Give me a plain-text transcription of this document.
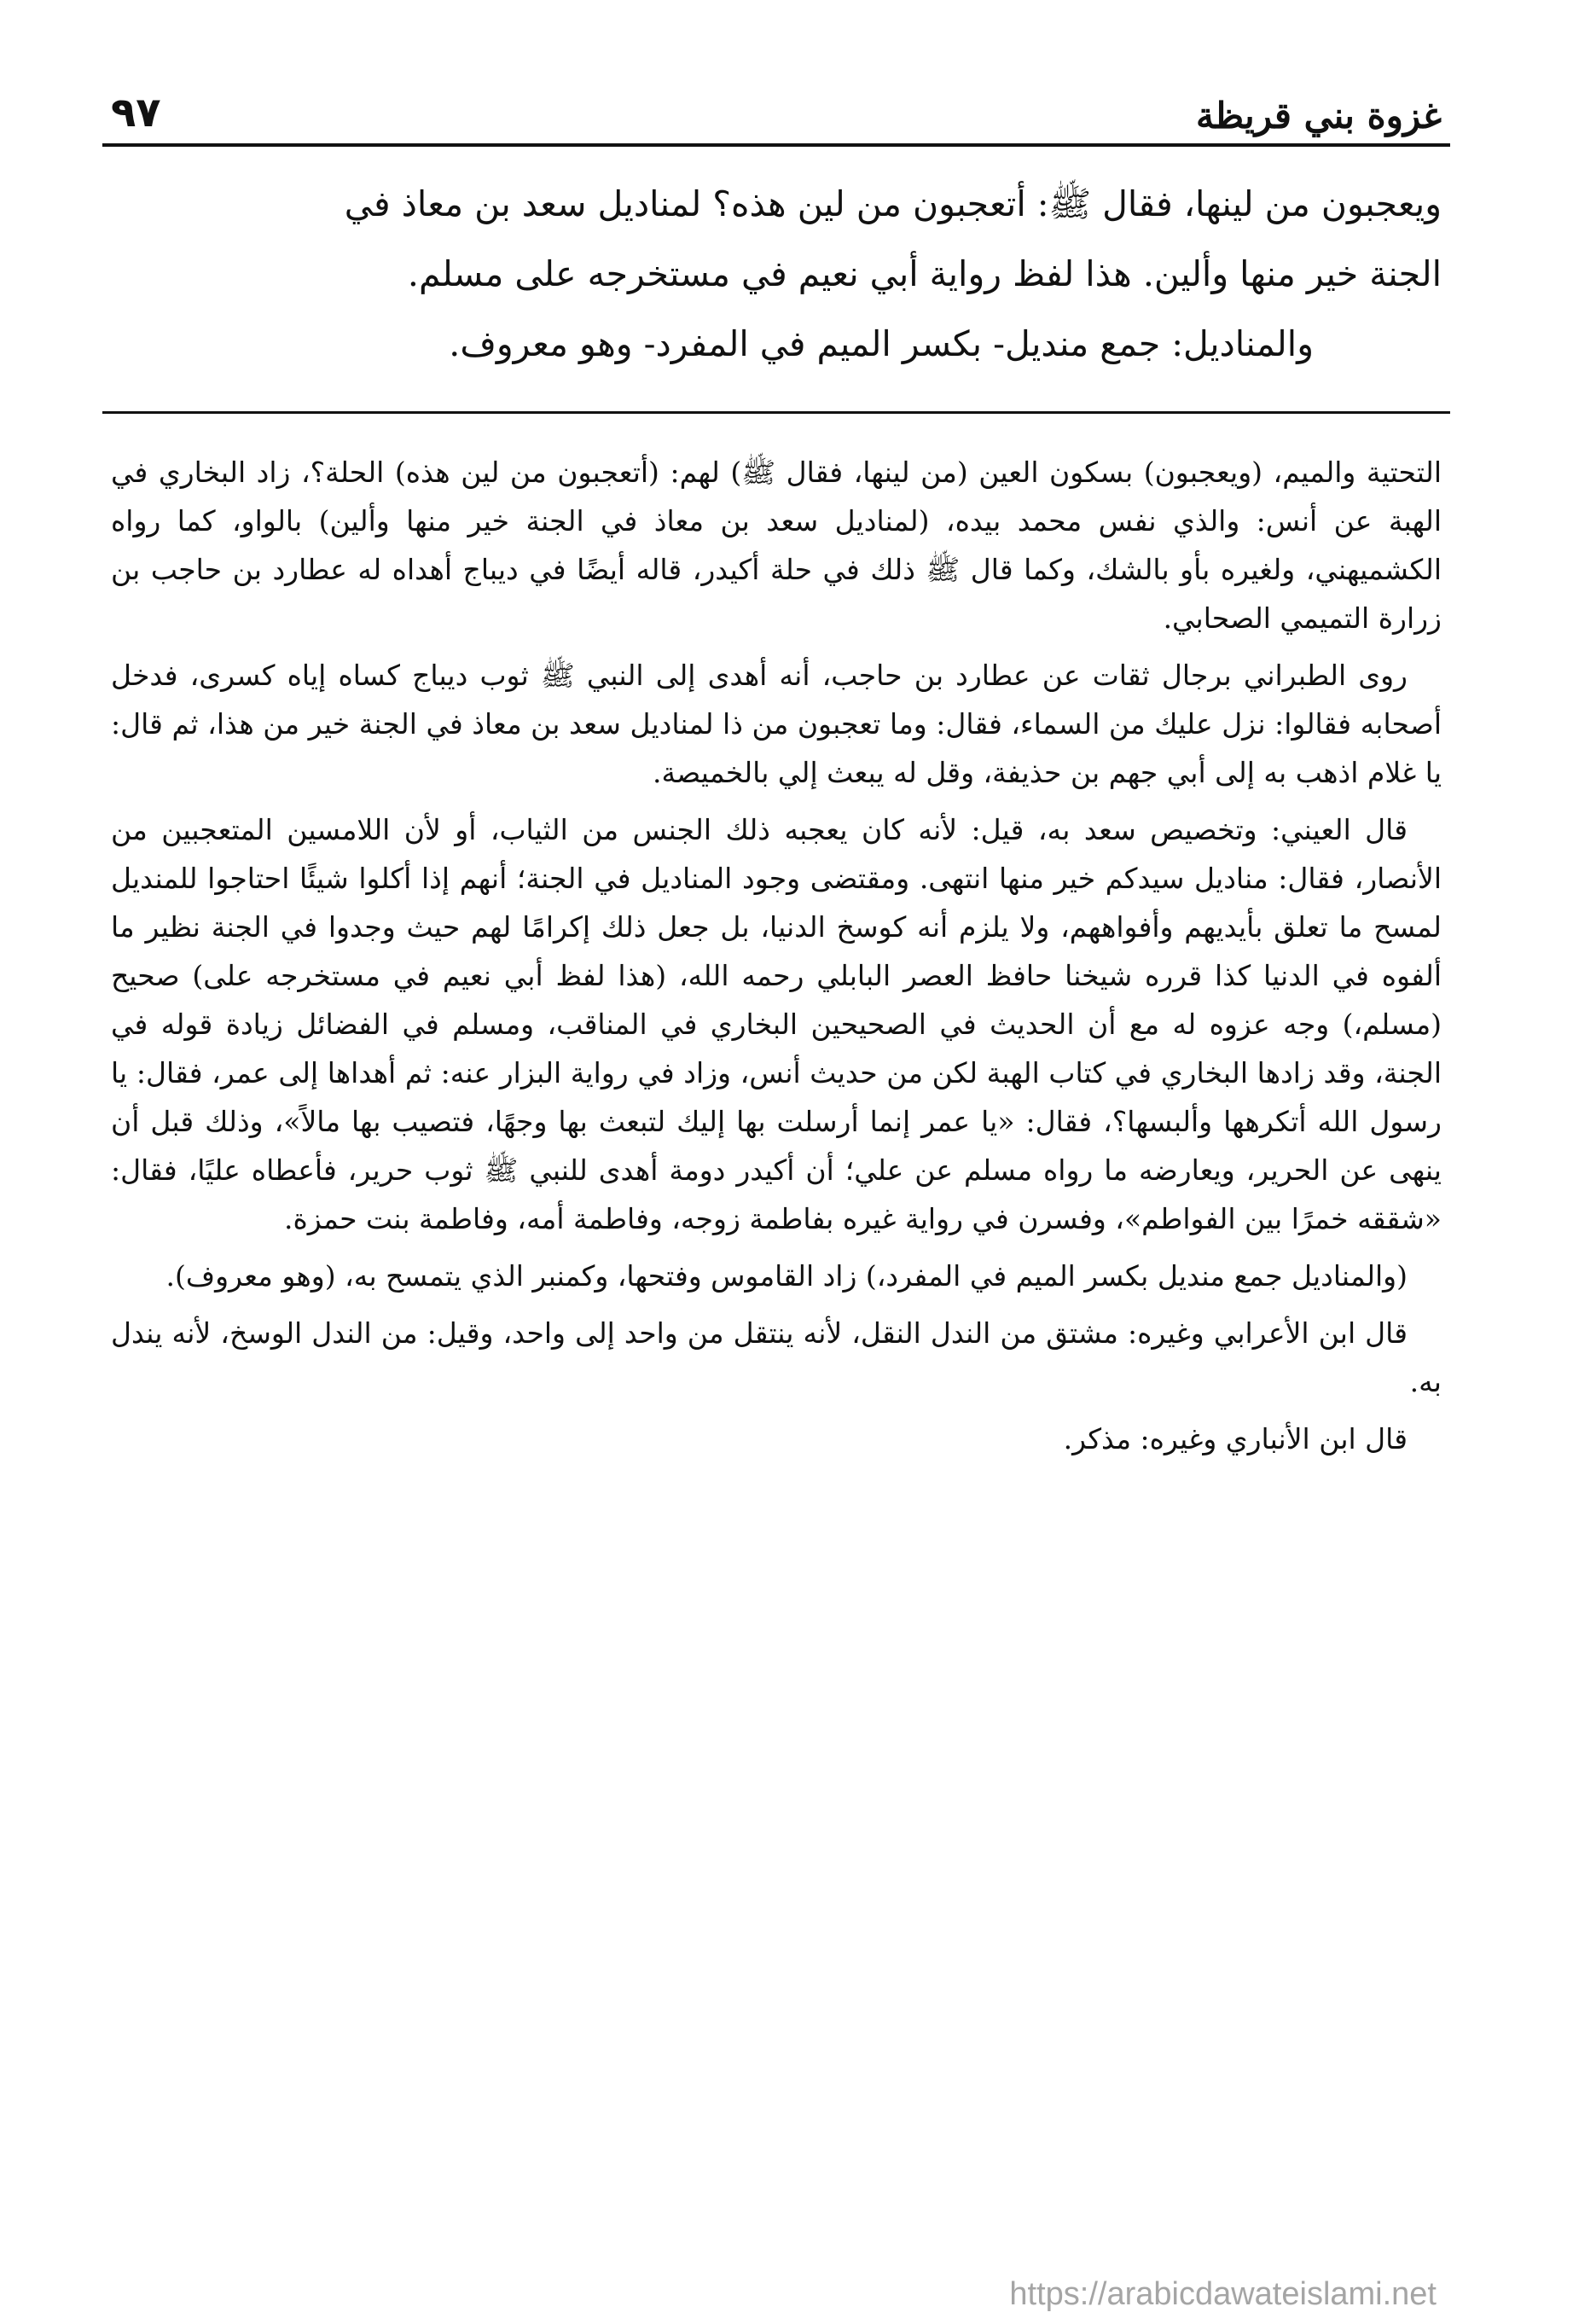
غزوة بني قريظة
٩٧

ويعجبون من لينها، فقال ﷺ: أتعجبون من لين هذه؟ لمناديل سعد بن معاذ في

الجنة خير منها وألين. هذا لفظ رواية أبي نعيم في مستخرجه على مسلم.

والمناديل: جمع منديل- بكسر الميم في المفرد- وهو معروف.

التحتية والميم، (ويعجبون) بسكون العين (من لينها، فقال ﷺ) لهم: (أتعجبون من لين هذه) الحلة؟، زاد البخاري في الهبة عن أنس: والذي نفس محمد بيده، (لمناديل سعد بن معاذ في الجنة خير منها وألين) بالواو، كما رواه الكشميهني، ولغيره بأو بالشك، وكما قال ﷺ ذلك في حلة أكيدر، قاله أيضًا في ديباج أهداه له عطارد بن حاجب بن زرارة التميمي الصحابي.

روى الطبراني برجال ثقات عن عطارد بن حاجب، أنه أهدى إلى النبي ﷺ ثوب ديباج كساه إياه كسرى، فدخل أصحابه فقالوا: نزل عليك من السماء، فقال: وما تعجبون من ذا لمناديل سعد بن معاذ في الجنة خير من هذا، ثم قال: يا غلام اذهب به إلى أبي جهم بن حذيفة، وقل له يبعث إلي بالخميصة.

قال العيني: وتخصيص سعد به، قيل: لأنه كان يعجبه ذلك الجنس من الثياب، أو لأن اللامسين المتعجبين من الأنصار، فقال: مناديل سيدكم خير منها انتهى. ومقتضى وجود المناديل في الجنة؛ أنهم إذا أكلوا شيئًا احتاجوا للمنديل لمسح ما تعلق بأيديهم وأفواههم، ولا يلزم أنه كوسخ الدنيا، بل جعل ذلك إكرامًا لهم حيث وجدوا في الجنة نظير ما ألفوه في الدنيا كذا قرره شيخنا حافظ العصر البابلي رحمه الله، (هذا لفظ أبي نعيم في مستخرجه على) صحيح (مسلم،) وجه عزوه له مع أن الحديث في الصحيحين البخاري في المناقب، ومسلم في الفضائل زيادة قوله في الجنة، وقد زادها البخاري في كتاب الهبة لكن من حديث أنس، وزاد في رواية البزار عنه: ثم أهداها إلى عمر، فقال: يا رسول الله أتكرهها وألبسها؟، فقال: «يا عمر إنما أرسلت بها إليك لتبعث بها وجهًا، فتصيب بها مالاً»، وذلك قبل أن ينهى عن الحرير، ويعارضه ما رواه مسلم عن علي؛ أن أكيدر دومة أهدى للنبي ﷺ ثوب حرير، فأعطاه عليًا، فقال: «شققه خمرًا بين الفواطم»، وفسرن في رواية غيره بفاطمة زوجه، وفاطمة أمه، وفاطمة بنت حمزة.

(والمناديل جمع منديل بكسر الميم في المفرد،) زاد القاموس وفتحها، وكمنبر الذي يتمسح به، (وهو معروف).

قال ابن الأعرابي وغيره: مشتق من الندل النقل، لأنه ينتقل من واحد إلى واحد، وقيل: من الندل الوسخ، لأنه يندل به.

قال ابن الأنباري وغيره: مذكر.

https://arabicdawateislami.net
